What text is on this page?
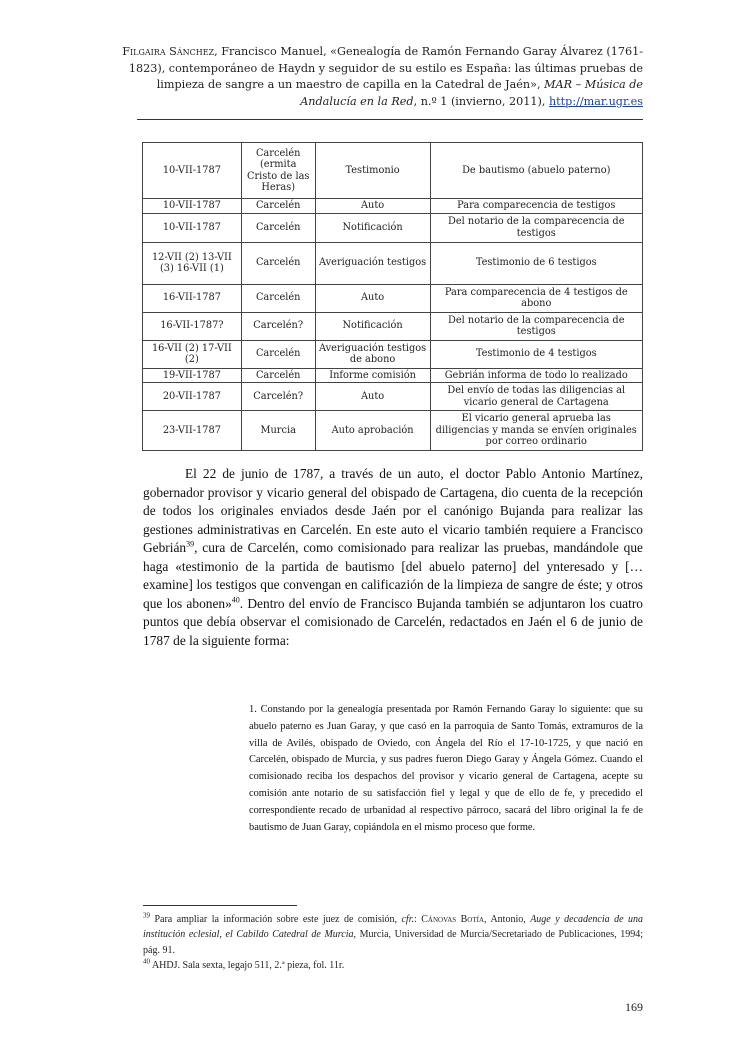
Filgaira Sánchez, Francisco Manuel, «Genealogía de Ramón Fernando Garay Álvarez (1761-1823), contemporáneo de Haydn y seguidor de su estilo es España: las últimas pruebas de limpieza de sangre a un maestro de capilla en la Catedral de Jaén», MAR – Música de Andalucía en la Red, n.º 1 (invierno, 2011), http://mar.ugr.es
10-VII-1787	Carcelén (ermita Cristo de las Heras)	Testimonio	De bautismo (abuelo paterno)
10-VII-1787	Carcelén	Auto	Para comparecencia de testigos
10-VII-1787	Carcelén	Notificación	Del notario de la comparecencia de testigos
12-VII (2) 13-VII (3) 16-VII (1)	Carcelén	Averiguación testigos	Testimonio de 6 testigos
16-VII-1787	Carcelén	Auto	Para comparecencia de 4 testigos de abono
16-VII-1787?	Carcelén?	Notificación	Del notario de la comparecencia de testigos
16-VII (2) 17-VII (2)	Carcelén	Averiguación testigos de abono	Testimonio de 4 testigos
19-VII-1787	Carcelén	Informe comisión	Gebrián informa de todo lo realizado
20-VII-1787	Carcelén?	Auto	Del envío de todas las diligencias al vicario general de Cartagena
23-VII-1787	Murcia	Auto aprobación	El vicario general aprueba las diligencias y manda se envíen originales por correo ordinario

El 22 de junio de 1787, a través de un auto, el doctor Pablo Antonio Martínez, gobernador provisor y vicario general del obispado de Cartagena, dio cuenta de la recepción de todos los originales enviados desde Jaén por el canónigo Bujanda para realizar las gestiones administrativas en Carcelén. En este auto el vicario también requiere a Francisco Gebrián$^{39}$, cura de Carcelén, como comisionado para realizar las pruebas, mandándole que haga «testimonio de la partida de bautismo [del abuelo paterno] del ynteresado y […examine] los testigos que convengan en calificazión de la limpieza de sangre de éste; y otros que los abonen»$^{40}$. Dentro del envío de Francisco Bujanda también se adjuntaron los cuatro puntos que debía observar el comisionado de Carcelén, redactados en Jaén el 6 de junio de 1787 de la siguiente forma:

1. Constando por la genealogía presentada por Ramón Fernando Garay lo siguiente: que su abuelo paterno es Juan Garay, y que casó en la parroquia de Santo Tomás, extramuros de la villa de Avilés, obispado de Oviedo, con Ángela del Río el 17-10-1725, y que nació en Carcelén, obispado de Murcia, y sus padres fueron Diego Garay y Ángela Gómez. Cuando el comisionado reciba los despachos del provisor y vicario general de Cartagena, acepte su comisión ante notario de su satisfacción fiel y legal y que de ello de fe, y precedido el correspondiente recado de urbanidad al respectivo párroco, sacará del libro original la fe de bautismo de Juan Garay, copiándola en el mismo proceso que forme.

$^{39}$ Para ampliar la información sobre este juez de comisión, cfr.: Cánovas Botía, Antonio, Auge y decadencia de una institución eclesial, el Cabildo Catedral de Murcia, Murcia, Universidad de Murcia/Secretariado de Publicaciones, 1994; pág. 91.

$^{40}$ AHDJ. Sala sexta, legajo 511, 2.ª pieza, fol. 11r.

169
